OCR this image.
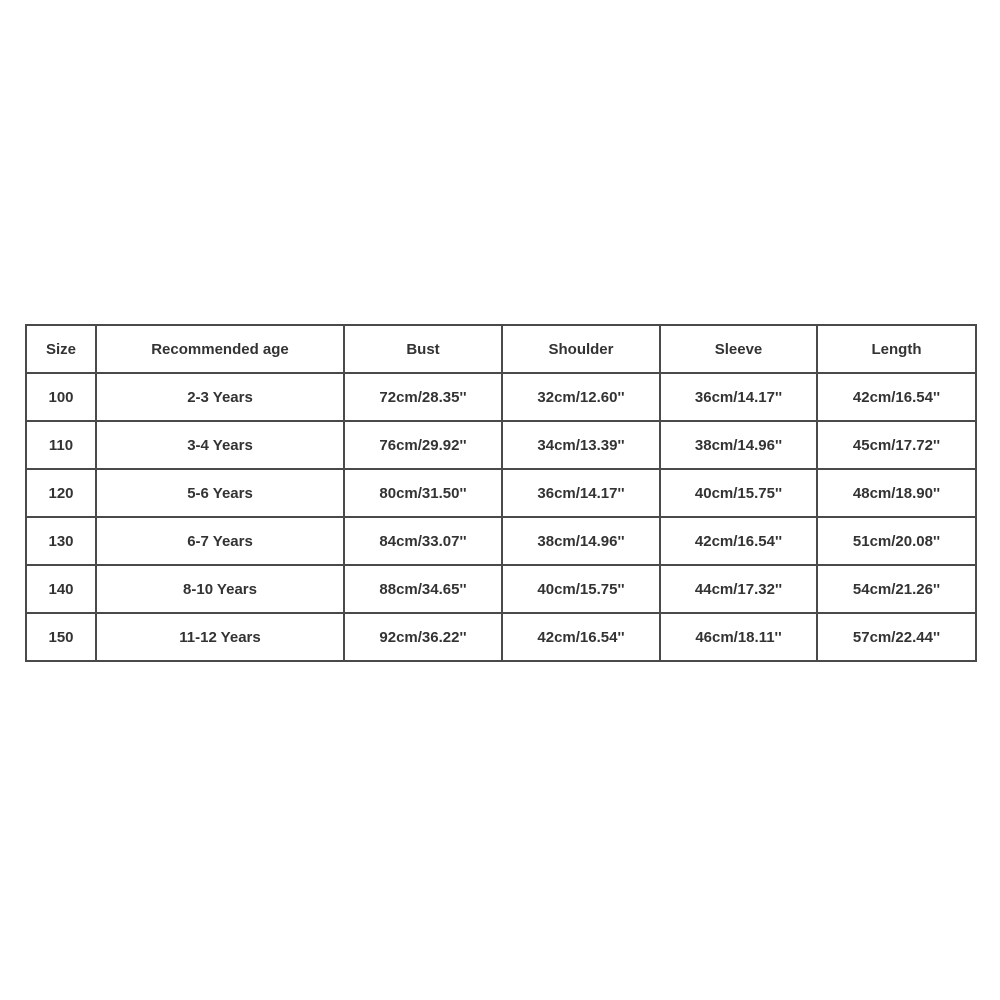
Size	Recommended age	Bust	Shoulder	Sleeve	Length
100	2-3 Years	72cm/28.35''	32cm/12.60''	36cm/14.17''	42cm/16.54''
110	3-4 Years	76cm/29.92''	34cm/13.39''	38cm/14.96''	45cm/17.72''
120	5-6 Years	80cm/31.50''	36cm/14.17''	40cm/15.75''	48cm/18.90''
130	6-7 Years	84cm/33.07''	38cm/14.96''	42cm/16.54''	51cm/20.08''
140	8-10 Years	88cm/34.65''	40cm/15.75''	44cm/17.32''	54cm/21.26''
150	11-12 Years	92cm/36.22''	42cm/16.54''	46cm/18.11''	57cm/22.44''
